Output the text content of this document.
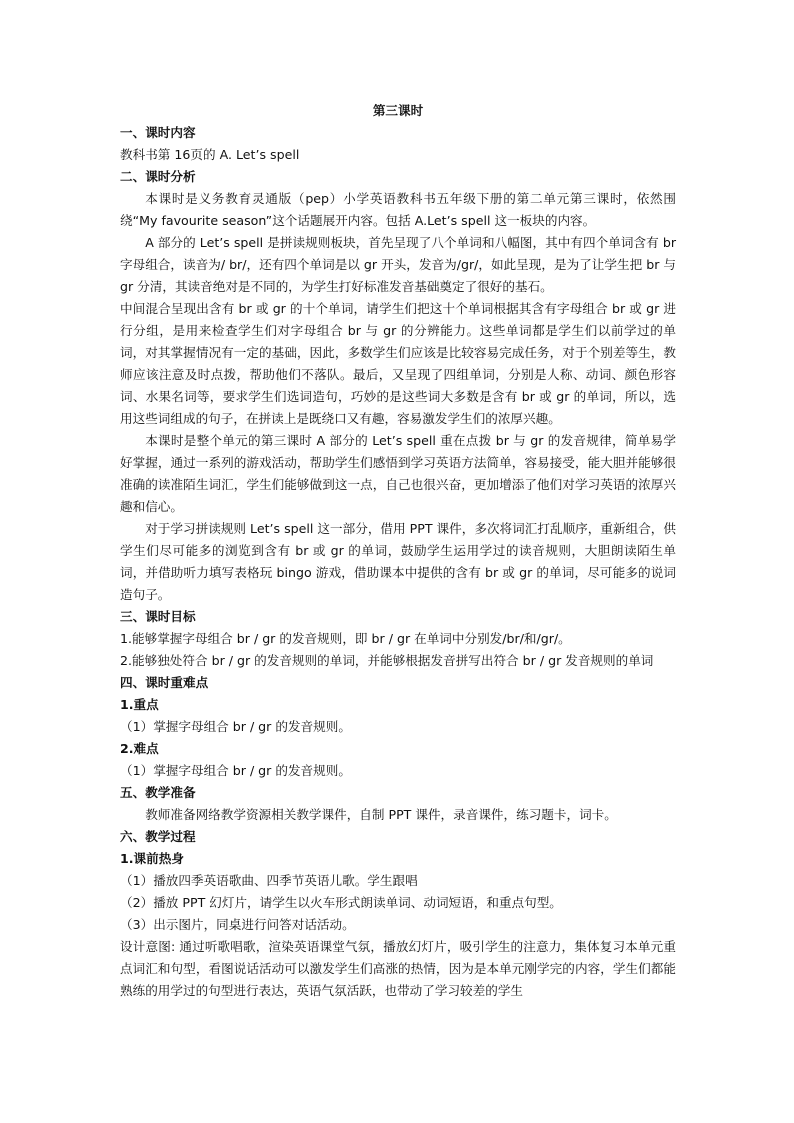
第三课时
一、课时内容
教科书第 16页的 A. Let’s spell
二、课时分析
本课时是义务教育灵通版（pep）小学英语教科书五年级下册的第二单元第三课时，依然围绕“My favourite season”这个话题展开内容。包括 A.Let’s spell 这一板块的内容。
A 部分的 Let’s spell 是拼读规则板块，首先呈现了八个单词和八幅图，其中有四个单词含有 br 字母组合，读音为/ br/，还有四个单词是以 gr 开头，发音为/gr/，如此呈现，是为了让学生把 br 与 gr 分清，其读音绝对是不同的，为学生打好标准发音基础奠定了很好的基石。
中间混合呈现出含有 br 或 gr 的十个单词，请学生们把这十个单词根据其含有字母组合 br 或 gr 进行分组，是用来检查学生们对字母组合 br 与 gr 的分辨能力。这些单词都是学生们以前学过的单词，对其掌握情况有一定的基础，因此，多数学生们应该是比较容易完成任务，对于个别差等生，教师应该注意及时点拨，帮助他们不落队。最后，又呈现了四组单词，分别是人称、动词、颜色形容词、水果名词等，要求学生们选词造句，巧妙的是这些词大多数是含有 br 或 gr 的单词，所以，选用这些词组成的句子，在拼读上是既绕口又有趣，容易激发学生们的浓厚兴趣。
本课时是整个单元的第三课时 A 部分的 Let’s spell 重在点拨 br 与 gr 的发音规律，简单易学好掌握，通过一系列的游戏活动，帮助学生们感悟到学习英语方法简单，容易接受，能大胆并能够很准确的读准陌生词汇，学生们能够做到这一点，自己也很兴奋，更加增添了他们对学习英语的浓厚兴趣和信心。
对于学习拼读规则 Let’s spell 这一部分，借用 PPT 课件，多次将词汇打乱顺序，重新组合，供学生们尽可能多的浏览到含有 br 或 gr 的单词，鼓励学生运用学过的读音规则，大胆朗读陌生单词，并借助听力填写表格玩 bingo 游戏，借助课本中提供的含有 br 或 gr 的单词，尽可能多的说词造句子。
三、课时目标
1.能够掌握字母组合 br / gr 的发音规则，即 br / gr 在单词中分别发/br/和/gr/。
2.能够独处符合 br / gr 的发音规则的单词，并能够根据发音拼写出符合 br / gr 发音规则的单词
四、课时重难点
1.重点
（1）掌握字母组合 br / gr 的发音规则。
2.难点
（1）掌握字母组合 br / gr 的发音规则。
五、教学准备
教师准备网络教学资源相关教学课件，自制 PPT 课件，录音课件，练习题卡，词卡。
六、教学过程
1.课前热身
（1）播放四季英语歌曲、四季节英语儿歌。学生跟唱
（2）播放 PPT 幻灯片，请学生以火车形式朗读单词、动词短语，和重点句型。
（3）出示图片，同桌进行问答对话活动。
设计意图: 通过听歌唱歌，渲染英语课堂气氛，播放幻灯片，吸引学生的注意力，集体复习本单元重点词汇和句型，看图说话活动可以激发学生们高涨的热情，因为是本单元刚学完的内容，学生们都能熟练的用学过的句型进行表达，英语气氛活跃，也带动了学习较差的学生
